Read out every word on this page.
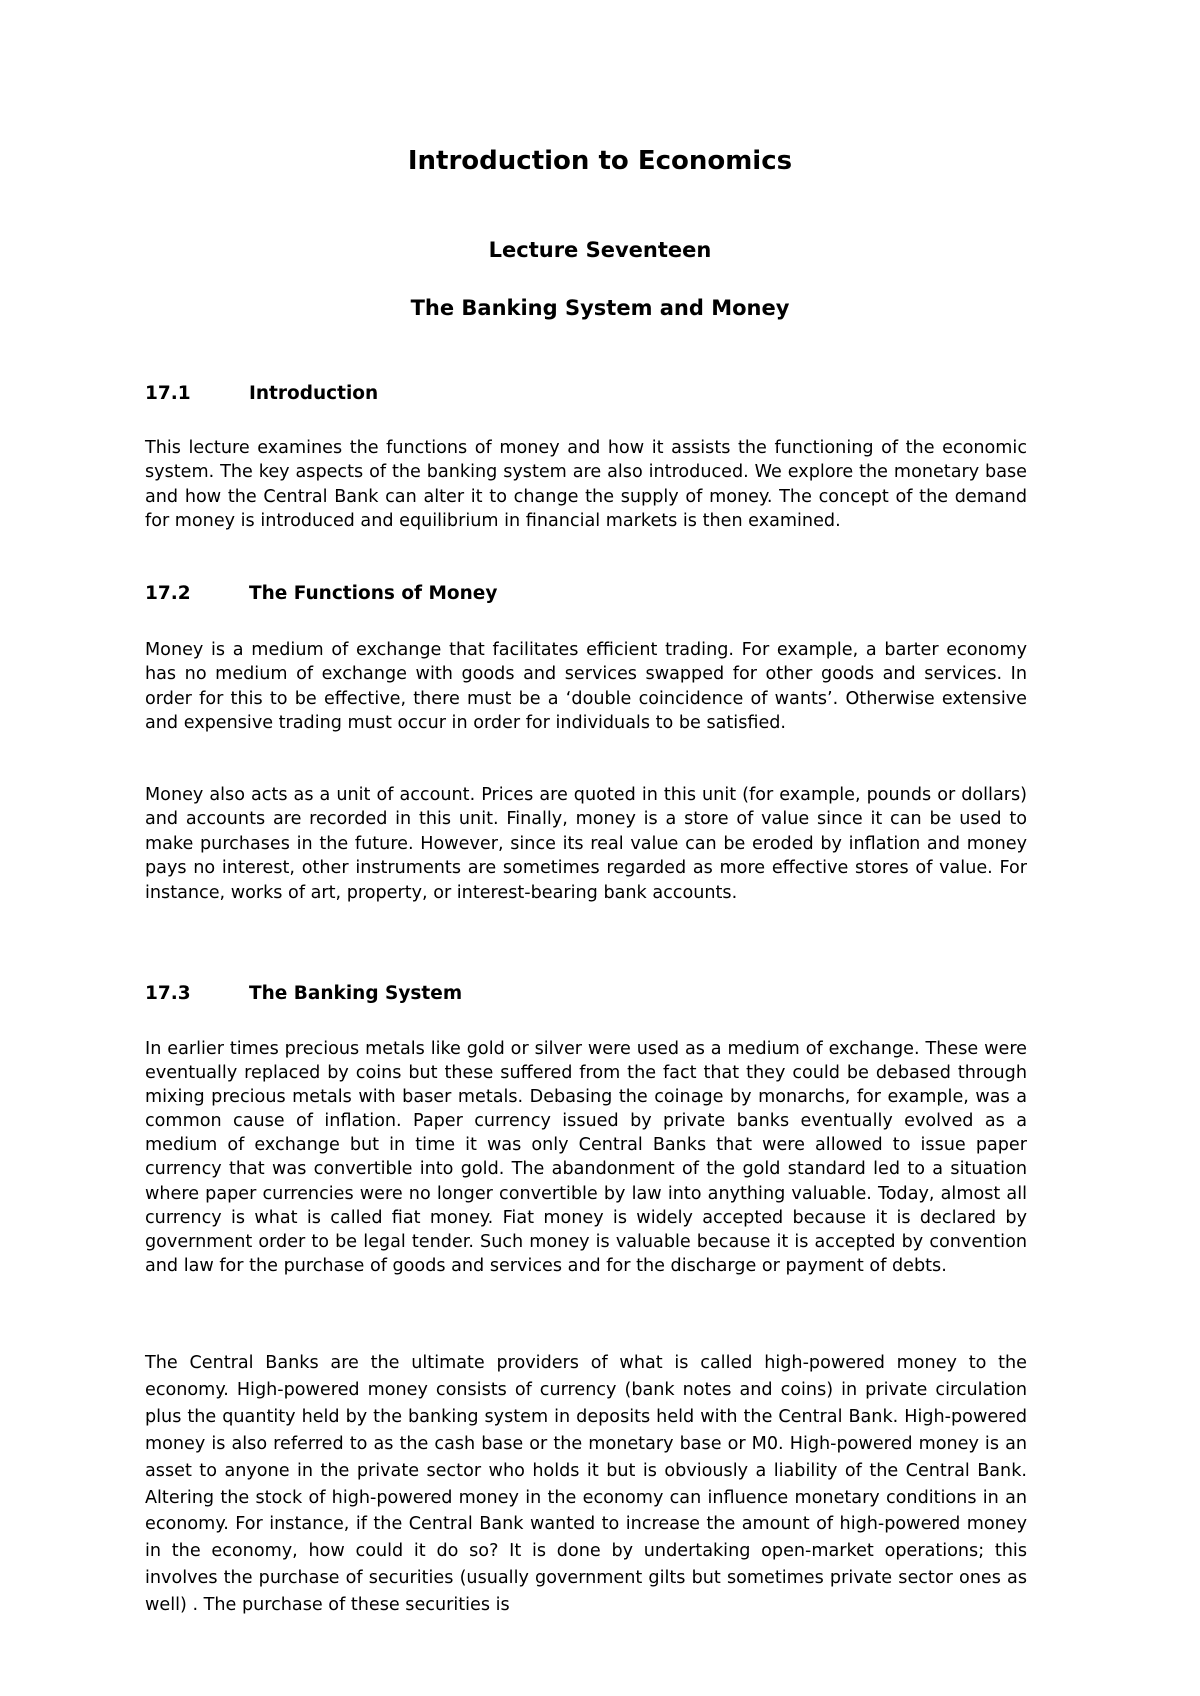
Introduction to Economics
Lecture Seventeen
The Banking System and Money
17.1	Introduction
This lecture examines the functions of money and how it assists the functioning of the economic system. The key aspects of the banking system are also introduced. We explore the monetary base and how the Central Bank can alter it to change the supply of money. The concept of the demand for money is introduced and equilibrium in financial markets is then examined.
17.2	The Functions of Money
Money is a medium of exchange that facilitates efficient trading. For example, a barter economy has no medium of exchange with goods and services swapped for other goods and services. In order for this to be effective, there must be a ‘double coincidence of wants’. Otherwise extensive and expensive trading must occur in order for individuals to be satisfied.
Money also acts as a unit of account. Prices are quoted in this unit (for example, pounds or dollars) and accounts are recorded in this unit. Finally, money is a store of value since it can be used to make purchases in the future. However, since its real value can be eroded by inflation and money pays no interest, other instruments are sometimes regarded as more effective stores of value. For instance, works of art, property, or interest-bearing bank accounts.
17.3	The Banking System
In earlier times precious metals like gold or silver were used as a medium of exchange. These were eventually replaced by coins but these suffered from the fact that they could be debased through mixing precious metals with baser metals. Debasing the coinage by monarchs, for example, was a common cause of inflation. Paper currency issued by private banks eventually evolved as a medium of exchange but in time it was only Central Banks that were allowed to issue paper currency that was convertible into gold. The abandonment of the gold standard led to a situation where paper currencies were no longer convertible by law into anything valuable. Today, almost all currency is what is called fiat money. Fiat money is widely accepted because it is declared by government order to be legal tender. Such money is valuable because it is accepted by convention and law for the purchase of goods and services and for the discharge or payment of debts.
The Central Banks are the ultimate providers of what is called high-powered money to the economy. High-powered money consists of currency (bank notes and coins) in private circulation plus the quantity held by the banking system in deposits held with the Central Bank. High-powered money is also referred to as the cash base or the monetary base or M0. High-powered money is an asset to anyone in the private sector who holds it but is obviously a liability of the Central Bank. Altering the stock of high-powered money in the economy can influence monetary conditions in an economy. For instance, if the Central Bank wanted to increase the amount of high-powered money in the economy, how could it do so? It is done by undertaking open-market operations; this involves the purchase of securities (usually government gilts but sometimes private sector ones as well) . The purchase of these securities is
